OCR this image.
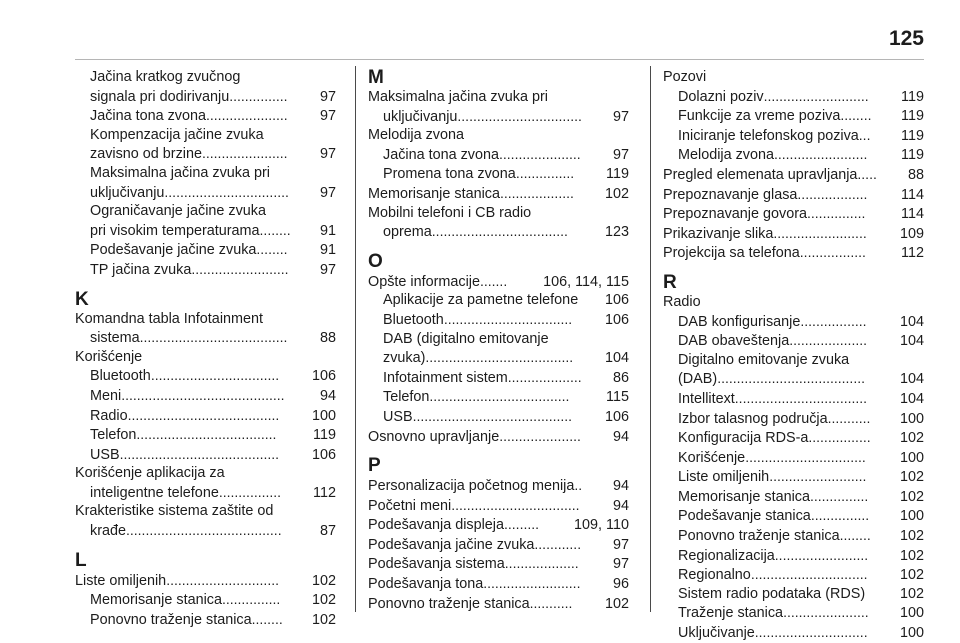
125
Jačina kratkog zvučnog
signala pri dodirivanju ...............	97
Jačina tona zvona .....................	97
Kompenzacija jačine zvuka
zavisno od brzine ......................	97
Maksimalna jačina zvuka pri
uključivanju ................................	97
Ograničavanje jačine zvuka
pri visokim temperaturama ........	91
Podešavanje jačine zvuka ........	91
TP jačina zvuka .........................	97
K
Komandna tabla Infotainment
sistema ......................................	88
Korišćenje
Bluetooth .................................	106
Meni ..........................................	94
Radio .......................................	100
Telefon ....................................	119
USB .........................................	106
Korišćenje aplikacija za
inteligentne telefone ................	112
Krakteristike sistema zaštite od
krađe ........................................	87
L
Liste omiljenih .............................	102
Memorisanje stanica ...............	102
Ponovno traženje stanica ........	102
M
Maksimalna jačina zvuka pri
uključivanju ................................	97
Melodija zvona
Jačina tona zvona .....................	97
Promena tona zvona ...............	119
Memorisanje stanica ...................	102
Mobilni telefoni i CB radio
oprema ...................................	123
O
Opšte informacije .......	106, 114, 115
Aplikacije za pametne telefone 106
Bluetooth .................................	106
DAB (digitalno emitovanje
zvuka) ......................................	104
Infotainment sistem ...................	86
Telefon ....................................	115
USB .........................................	106
Osnovno upravljanje .....................	94
P
Personalizacija početnog menija ..	94
Početni meni .................................	94
Podešavanja displeja .........	109, 110
Podešavanja jačine zvuka ............	97
Podešavanja sistema ...................	97
Podešavanja tona .........................	96
Ponovno traženje stanica ...........	102
Pozovi
Dolazni poziv ...........................	119
Funkcije za vreme poziva ........	119
Iniciranje telefonskog poziva ...	119
Melodija zvona ........................	119
Pregled elemenata upravljanja .....	88
Prepoznavanje glasa ..................	114
Prepoznavanje govora ...............	114
Prikazivanje slika ........................	109
Projekcija sa telefona .................	112
R
Radio
DAB konfigurisanje .................	104
DAB obaveštenja ....................	104
Digitalno emitovanje zvuka
(DAB) ......................................	104
Intellitext ..................................	104
Izbor talasnog područja ...........	100
Konfiguracija RDS-a ................	102
Korišćenje ...............................	100
Liste omiljenih .........................	102
Memorisanje stanica ...............	102
Podešavanje stanica ...............	100
Ponovno traženje stanica ........	102
Regionalizacija ........................	102
Regionalno ..............................	102
Sistem radio podataka (RDS) 102
Traženje stanica ......................	100
Uključivanje .............................	100
